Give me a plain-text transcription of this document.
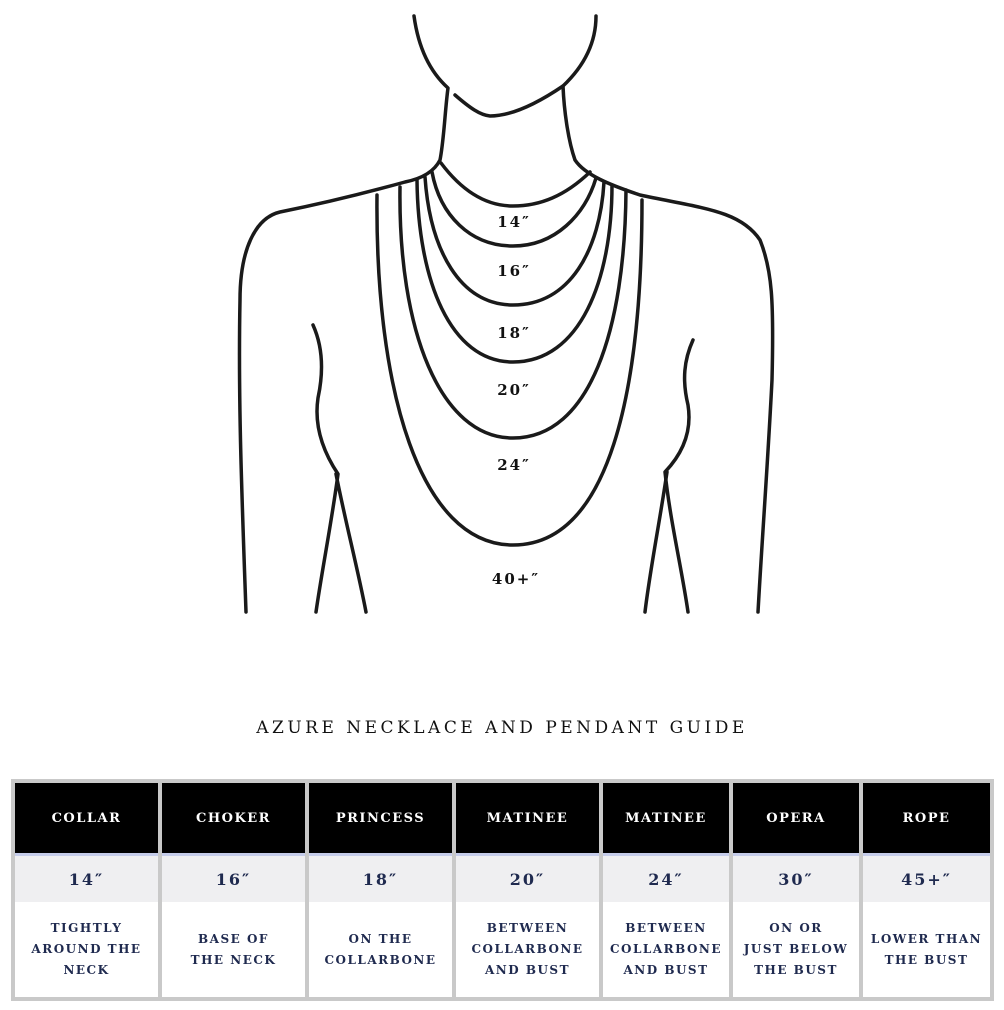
14″
16″
18″
20″
24″
40+″
AZURE NECKLACE AND PENDANT GUIDE
COLLAR
14″
TIGHTLY
AROUND THE
NECK
CHOKER
16″
BASE OF
THE NECK
PRINCESS
18″
ON THE
COLLARBONE
MATINEE
20″
BETWEEN
COLLARBONE
AND BUST
MATINEE
24″
BETWEEN
COLLARBONE
AND BUST
OPERA
30″
ON OR
JUST BELOW
THE BUST
ROPE
45+″
LOWER THAN
THE BUST
